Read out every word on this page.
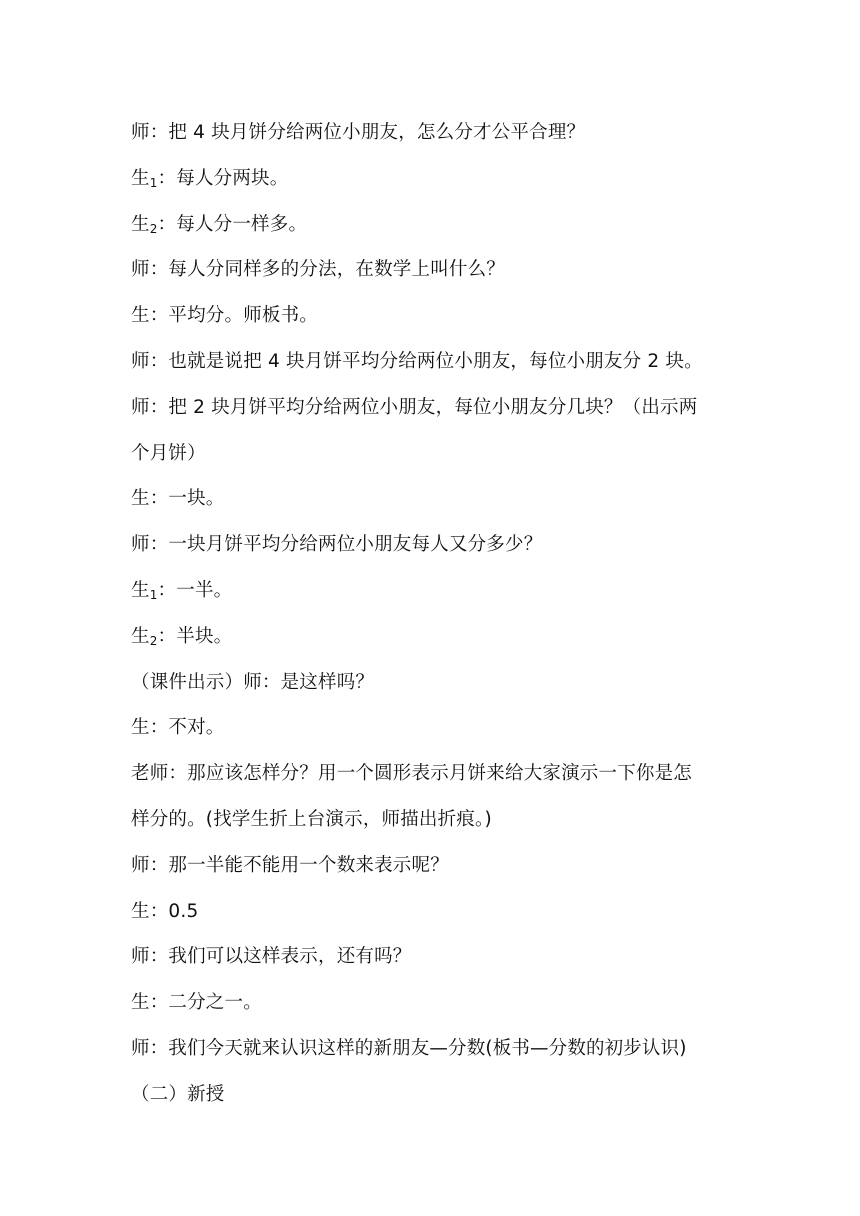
师：把 4 块月饼分给两位小朋友，怎么分才公平合理？
生$_1$：每人分两块。
生$_2$：每人分一样多。
师：每人分同样多的分法，在数学上叫什么？
生：平均分。师板书。
师：也就是说把 4 块月饼平均分给两位小朋友，每位小朋友分 2 块。
师：把 2 块月饼平均分给两位小朋友，每位小朋友分几块？（出示两
个月饼）
生：一块。
师：一块月饼平均分给两位小朋友每人又分多少？
生$_1$：一半。
生$_2$：半块。
（课件出示）师：是这样吗？
生：不对。
老师：那应该怎样分？用一个圆形表示月饼来给大家演示一下你是怎
样分的。(找学生折上台演示，师描出折痕。)
师：那一半能不能用一个数来表示呢？
生：0.5
师：我们可以这样表示，还有吗？
生：二分之一。
师：我们今天就来认识这样的新朋友—分数(板书—分数的初步认识)
（二）新授
